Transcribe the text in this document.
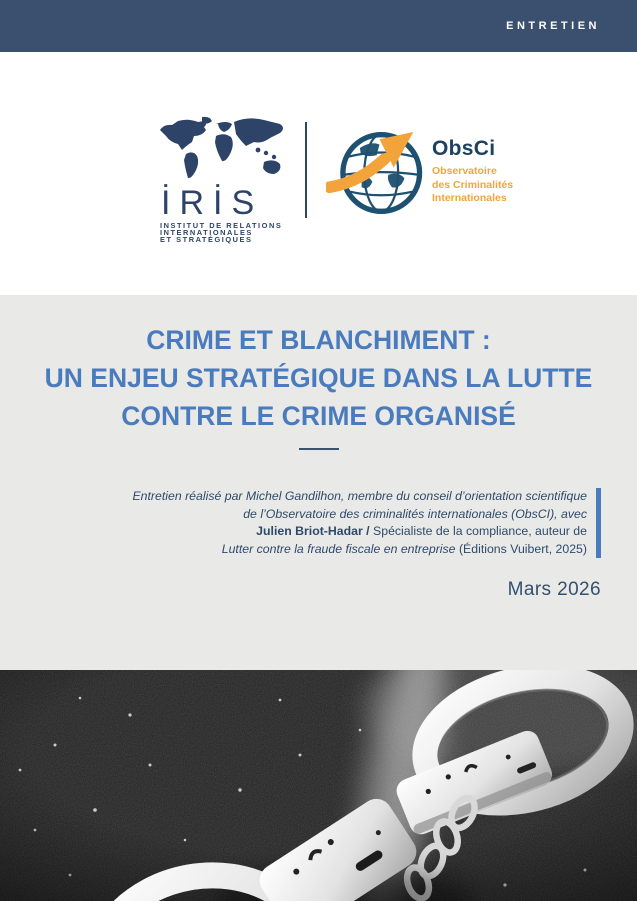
ENTRETIEN
İRİS
INSTITUT DE RELATIONS
INTERNATIONALES
ET STRATÉGIQUES
ObsCi
Observatoire
des Criminalités
Internationales
CRIME ET BLANCHIMENT :
UN ENJEU STRATÉGIQUE DANS LA LUTTE
CONTRE LE CRIME ORGANISÉ
Entretien réalisé par Michel Gandilhon, membre du conseil d’orientation scientifique
de l’Observatoire des criminalités internationales (ObsCI), avec
Julien Briot-Hadar / Spécialiste de la compliance, auteur de
Lutter contre la fraude fiscale en entreprise (Éditions Vuibert, 2025)
Mars 2026
